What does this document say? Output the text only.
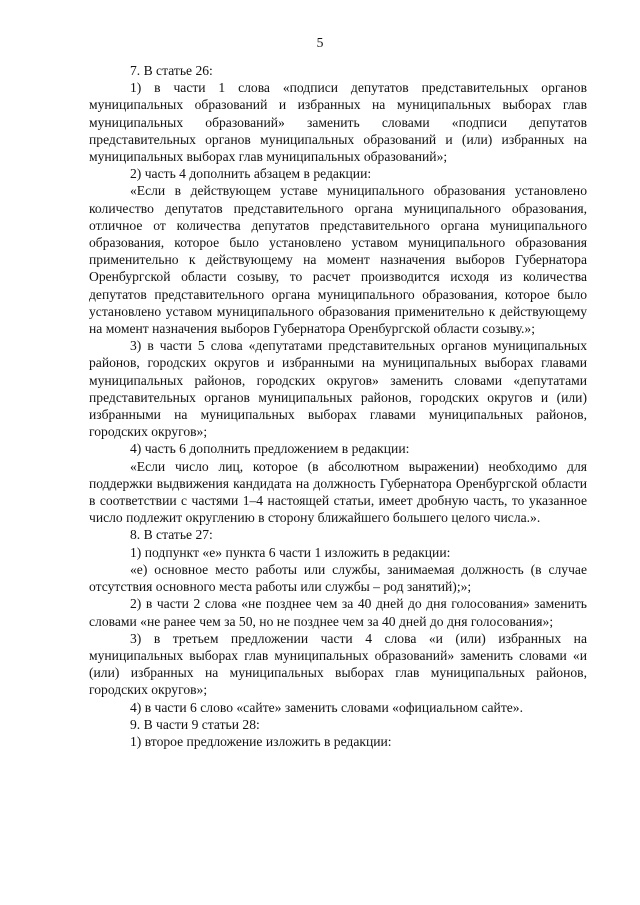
5

7. В статье 26:

1) в части 1 слова «подписи депутатов представительных органов муниципальных образований и избранных на муниципальных выборах глав муниципальных образований» заменить словами «подписи депутатов представительных органов муниципальных образований и (или) избранных на муниципальных выборах глав муниципальных образований»;

2) часть 4 дополнить абзацем в редакции:

«Если в действующем уставе муниципального образования установлено количество депутатов представительного органа муниципального образования, отличное от количества депутатов представительного органа муниципального образования, которое было установлено уставом муниципального образования применительно к действующему на момент назначения выборов Губернатора Оренбургской области созыву, то расчет производится исходя из количества депутатов представительного органа муниципального образования, которое было установлено уставом муниципального образования применительно к действующему на момент назначения выборов Губернатора Оренбургской области созыву.»;

3) в части 5 слова «депутатами представительных органов муниципальных районов, городских округов и избранными на муниципальных выборах главами муниципальных районов, городских округов» заменить словами «депутатами представительных органов муниципальных районов, городских округов и (или) избранными на муниципальных выборах главами муниципальных районов, городских округов»;

4) часть 6 дополнить предложением в редакции:

«Если число лиц, которое (в абсолютном выражении) необходимо для поддержки выдвижения кандидата на должность Губернатора Оренбургской области в соответствии с частями 1–4 настоящей статьи, имеет дробную часть, то указанное число подлежит округлению в сторону ближайшего большего целого числа.».

8. В статье 27:

1) подпункт «е» пункта 6 части 1 изложить в редакции:

«е) основное место работы или службы, занимаемая должность (в случае отсутствия основного места работы или службы – род занятий);»;

2) в части 2 слова «не позднее чем за 40 дней до дня голосования» заменить словами «не ранее чем за 50, но не позднее чем за 40 дней до дня голосования»;

3) в третьем предложении части 4 слова «и (или) избранных на муниципальных выборах глав муниципальных образований» заменить словами «и (или) избранных на муниципальных выборах глав муниципальных районов, городских округов»;

4) в части 6 слово «сайте» заменить словами «официальном сайте».

9. В части 9 статьи 28:

1) второе предложение изложить в редакции:
